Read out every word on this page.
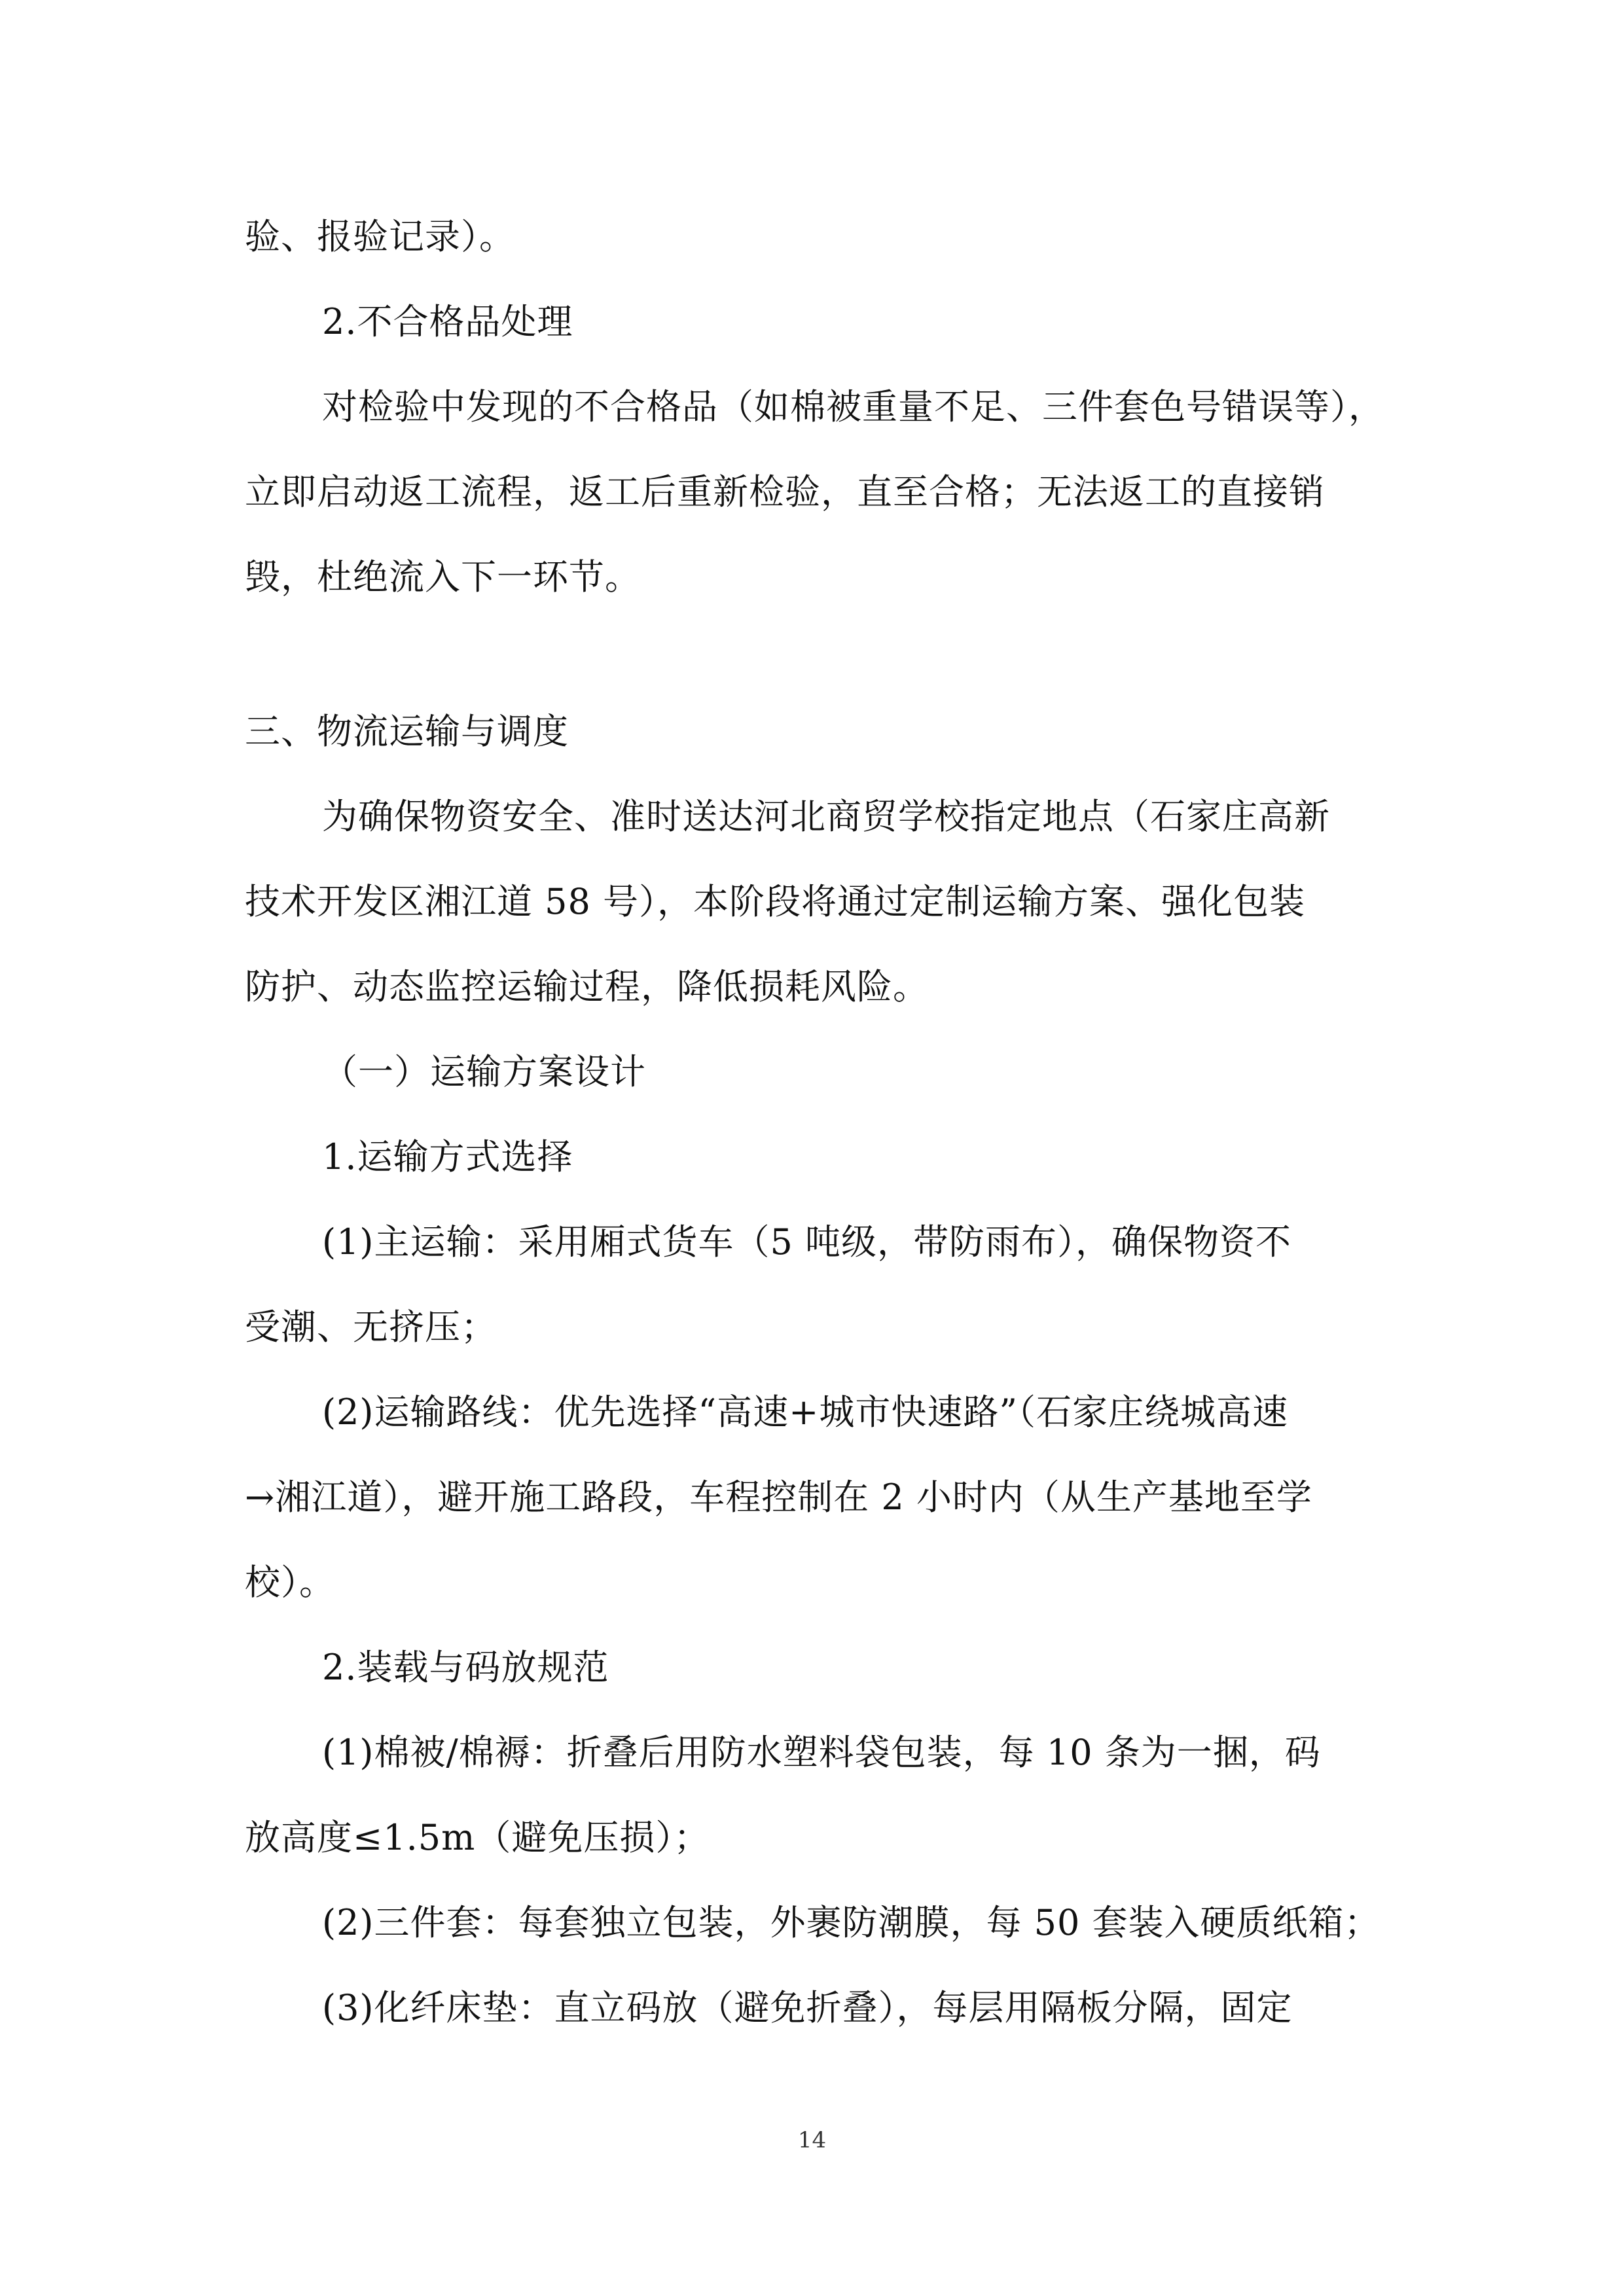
验、报验记录）。
2.不合格品处理
对检验中发现的不合格品（如棉被重量不足、三件套色号错误等），
立即启动返工流程，返工后重新检验，直至合格；无法返工的直接销
毁，杜绝流入下一环节。
三、物流运输与调度
为确保物资安全、准时送达河北商贸学校指定地点（石家庄高新
技术开发区湘江道 58 号），本阶段将通过定制运输方案、强化包装
防护、动态监控运输过程，降低损耗风险。
（一）运输方案设计
1.运输方式选择
(1)主运输：采用厢式货车（5 吨级，带防雨布），确保物资不
受潮、无挤压；
(2)运输路线：优先选择“高速+城市快速路”（石家庄绕城高速
→湘江道），避开施工路段，车程控制在 2 小时内（从生产基地至学
校）。
2.装载与码放规范
(1)棉被/棉褥：折叠后用防水塑料袋包装，每 10 条为一捆，码
放高度≤1.5m（避免压损）；
(2)三件套：每套独立包装，外裹防潮膜，每 50 套装入硬质纸箱；
(3)化纤床垫：直立码放（避免折叠），每层用隔板分隔，固定
14
